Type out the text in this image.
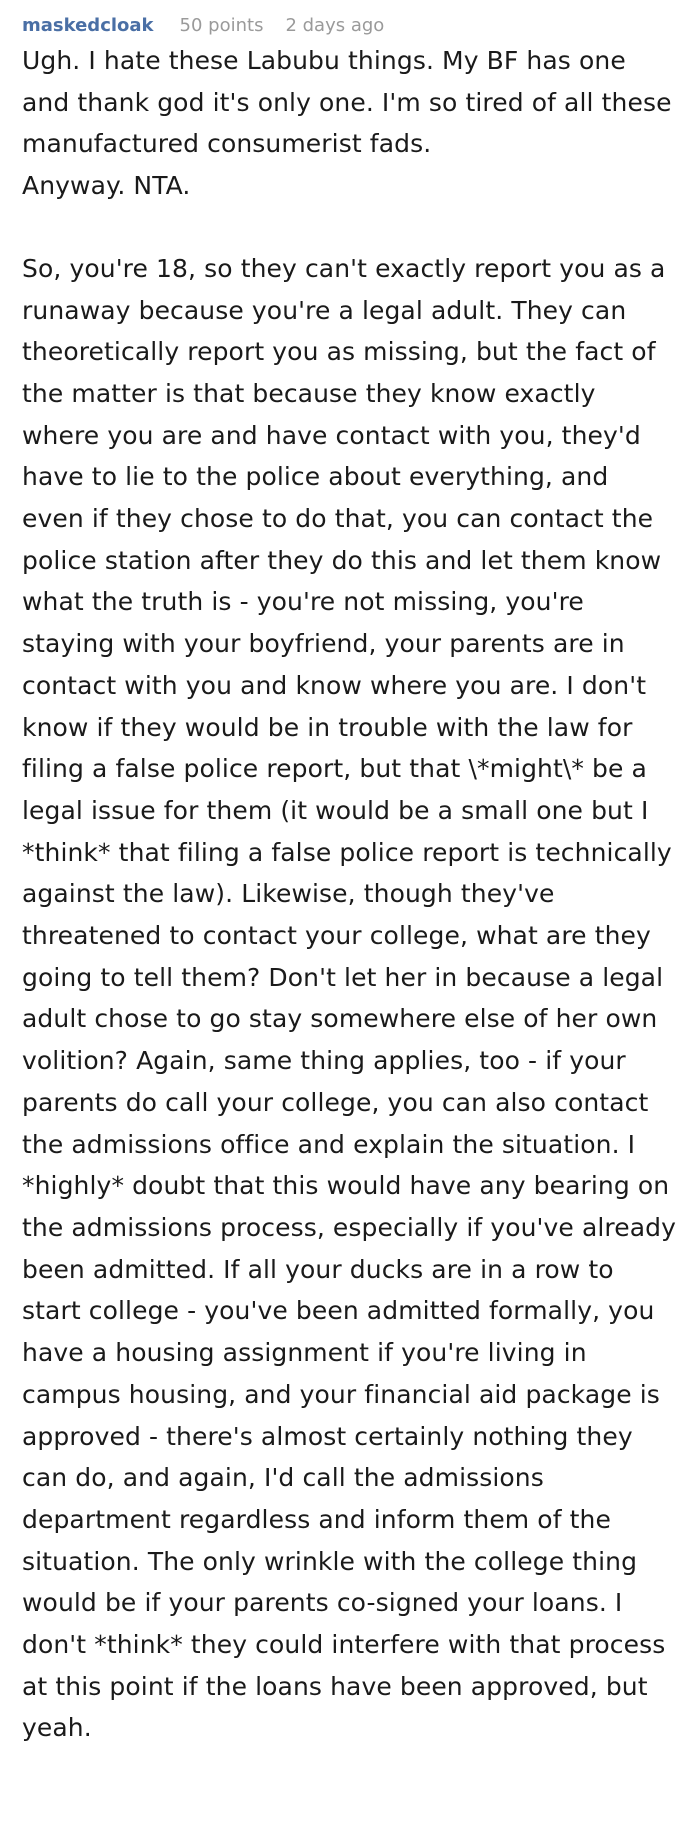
maskedcloak 50 points 2 days ago

Ugh. I hate these Labubu things. My BF has one and thank god it's only one. I'm so tired of all these manufactured consumerist fads.

Anyway. NTA.

So, you're 18, so they can't exactly report you as a runaway because you're a legal adult. They can theoretically report you as missing, but the fact of the matter is that because they know exactly where you are and have contact with you, they'd have to lie to the police about everything, and even if they chose to do that, you can contact the police station after they do this and let them know what the truth is - you're not missing, you're staying with your boyfriend, your parents are in contact with you and know where you are. I don't know if they would be in trouble with the law for filing a false police report, but that \*might\* be a legal issue for them (it would be a small one but I *think* that filing a false police report is technically against the law). Likewise, though they've threatened to contact your college, what are they going to tell them? Don't let her in because a legal adult chose to go stay somewhere else of her own volition? Again, same thing applies, too - if your parents do call your college, you can also contact the admissions office and explain the situation. I *highly* doubt that this would have any bearing on the admissions process, especially if you've already been admitted. If all your ducks are in a row to start college - you've been admitted formally, you have a housing assignment if you're living in campus housing, and your financial aid package is approved - there's almost certainly nothing they can do, and again, I'd call the admissions department regardless and inform them of the situation. The only wrinkle with the college thing would be if your parents co-signed your loans. I don't *think* they could interfere with that process at this point if the loans have been approved, but yeah.
